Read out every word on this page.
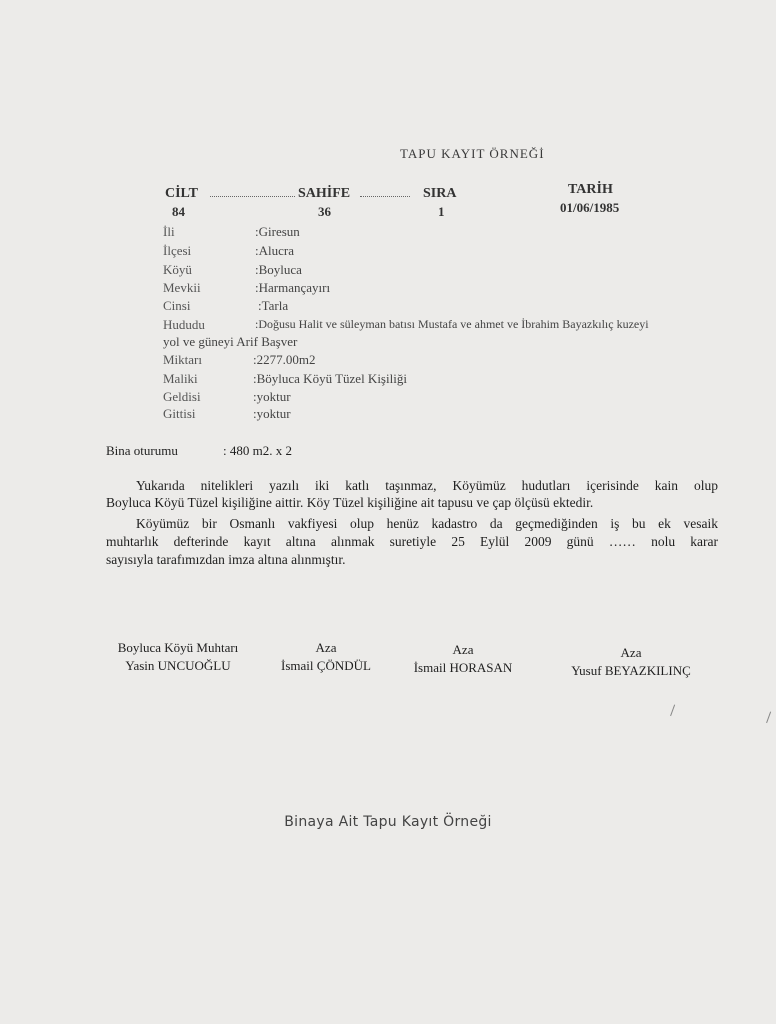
TAPU KAYIT ÖRNEĞİ
CİLT	SAHİFE	SIRA	TARİH
84	36	1	01/06/1985
İli	:Giresun
İlçesi	:Alucra
Köyü	:Boyluca
Mevkii	:Harmançayırı
Cinsi	:Tarla
Hududu	:Doğusu Halit ve süleyman batısı Mustafa ve ahmet ve İbrahim Bayazkılıç kuzeyi
yol ve güneyi Arif Başver
Miktarı	:2277.00m2
Maliki	:Böyluca Köyü Tüzel Kişiliği
Geldisi	:yoktur
Gittisi	:yoktur
Bina oturumu	: 480 m2. x 2
Yukarıda nitelikleri yazılı iki katlı taşınmaz, Köyümüz hudutları içerisinde kain olup
Boyluca Köyü Tüzel kişiliğine aittir. Köy Tüzel kişiliğine ait tapusu ve çap ölçüsü ektedir.
Köyümüz bir Osmanlı vakfiyesi olup henüz kadastro da geçmediğinden iş bu ek vesaik
muhtarlık defterinde kayıt altına alınmak suretiyle 25 Eylül 2009 günü …… nolu karar
sayısıyla tarafımızdan imza altına alınmıştır.
Boyluca Köyü Muhtarı
Yasin UNCUOĞLU
Aza
İsmail ÇÖNDÜL
Aza
İsmail HORASAN
Aza
Yusuf BEYAZKILINÇ
Binaya Ait Tapu Kayıt Örneği
